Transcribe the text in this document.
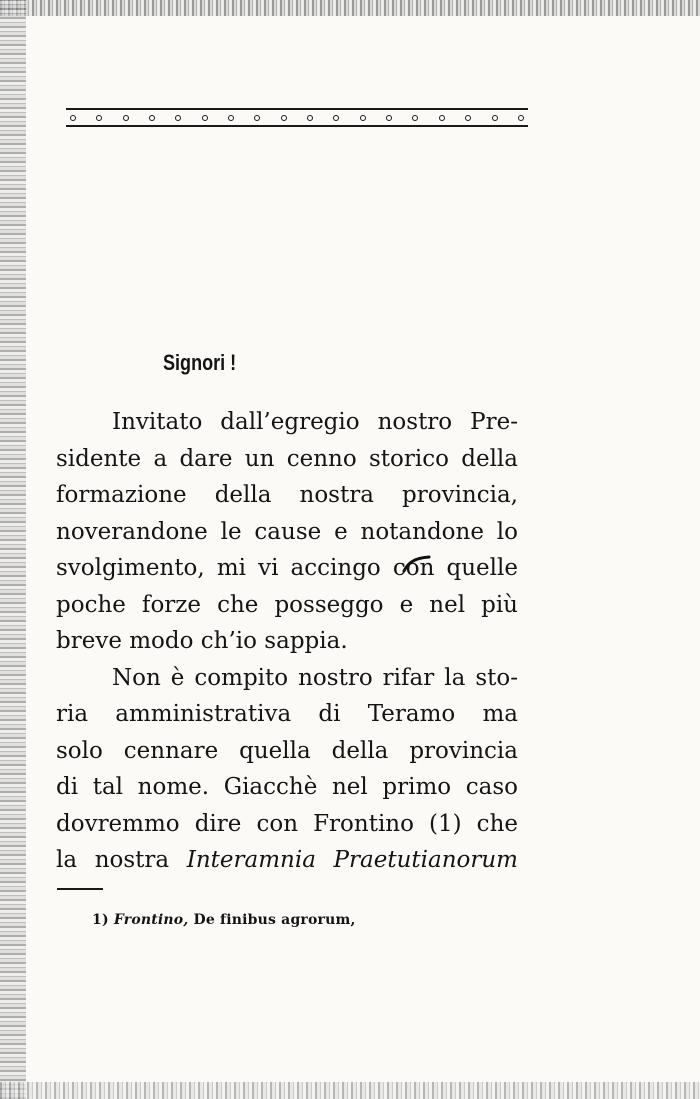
Signori !
Invitato dall’egregio nostro Pre-
sidente a dare un cenno storico della
formazione della nostra provincia,
noverandone le cause e notandone lo
svolgimento, mi vi accingo con quelle
poche forze che posseggo e nel più
breve modo ch’io sappia.
Non è compito nostro rifar la sto-
ria amministrativa di Teramo ma
solo cennare quella della provincia
di tal nome. Giacchè nel primo caso
dovremmo dire con Frontino (1) che
la nostra Interamnia Praetutianorum
1) Frontino, De finibus agrorum,
